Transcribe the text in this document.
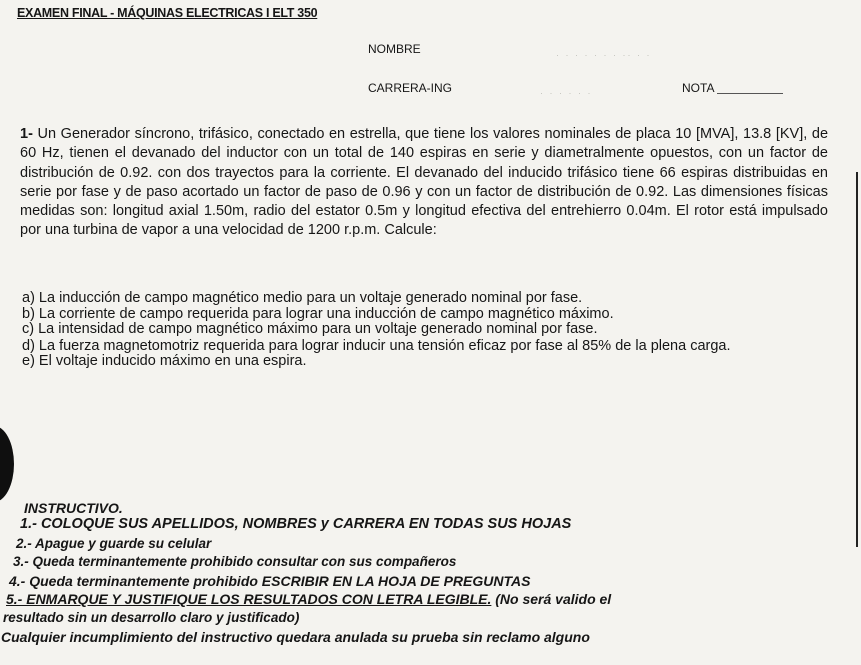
EXAMEN FINAL - MÁQUINAS ELECTRICAS I ELT 350
NOMBRE	· · · · · · · ·· · ·
CARRERA-ING	· · · · · ·	NOTA
1- Un Generador síncrono, trifásico, conectado en estrella, que tiene los valores nominales de placa 10 [MVA], 13.8 [KV], de 60 Hz, tienen el devanado del inductor con un total de 140 espiras en serie y diametralmente opuestos, con un factor de distribución de 0.92. con dos trayectos para la corriente. El devanado del inducido trifásico tiene 66 espiras distribuidas en serie por fase y de paso acortado un factor de paso de 0.96 y con un factor de distribución de 0.92. Las dimensiones físicas medidas son: longitud axial 1.50m, radio del estator 0.5m y longitud efectiva del entrehierro 0.04m. El rotor está impulsado por una turbina de vapor a una velocidad de 1200 r.p.m. Calcule:

a) La inducción de campo magnético medio para un voltaje generado nominal por fase.

b) La corriente de campo requerida para lograr una inducción de campo magnético máximo.

c) La intensidad de campo magnético máximo para un voltaje generado nominal por fase.

d) La fuerza magnetomotriz requerida para lograr inducir una tensión eficaz por fase al 85% de la plena carga.

e) El voltaje inducido máximo en una espira.

INSTRUCTIVO.
1.- COLOQUE SUS APELLIDOS, NOMBRES y CARRERA EN TODAS SUS HOJAS
2.- Apague y guarde su celular
3.- Queda terminantemente prohibido consultar con sus compañeros
4.- Queda terminantemente prohibido ESCRIBIR EN LA HOJA DE PREGUNTAS
5.- ENMARQUE Y JUSTIFIQUE LOS RESULTADOS CON LETRA LEGIBLE. (No será valido el
resultado sin un desarrollo claro y justificado)
Cualquier incumplimiento del instructivo quedara anulada su prueba sin reclamo alguno
